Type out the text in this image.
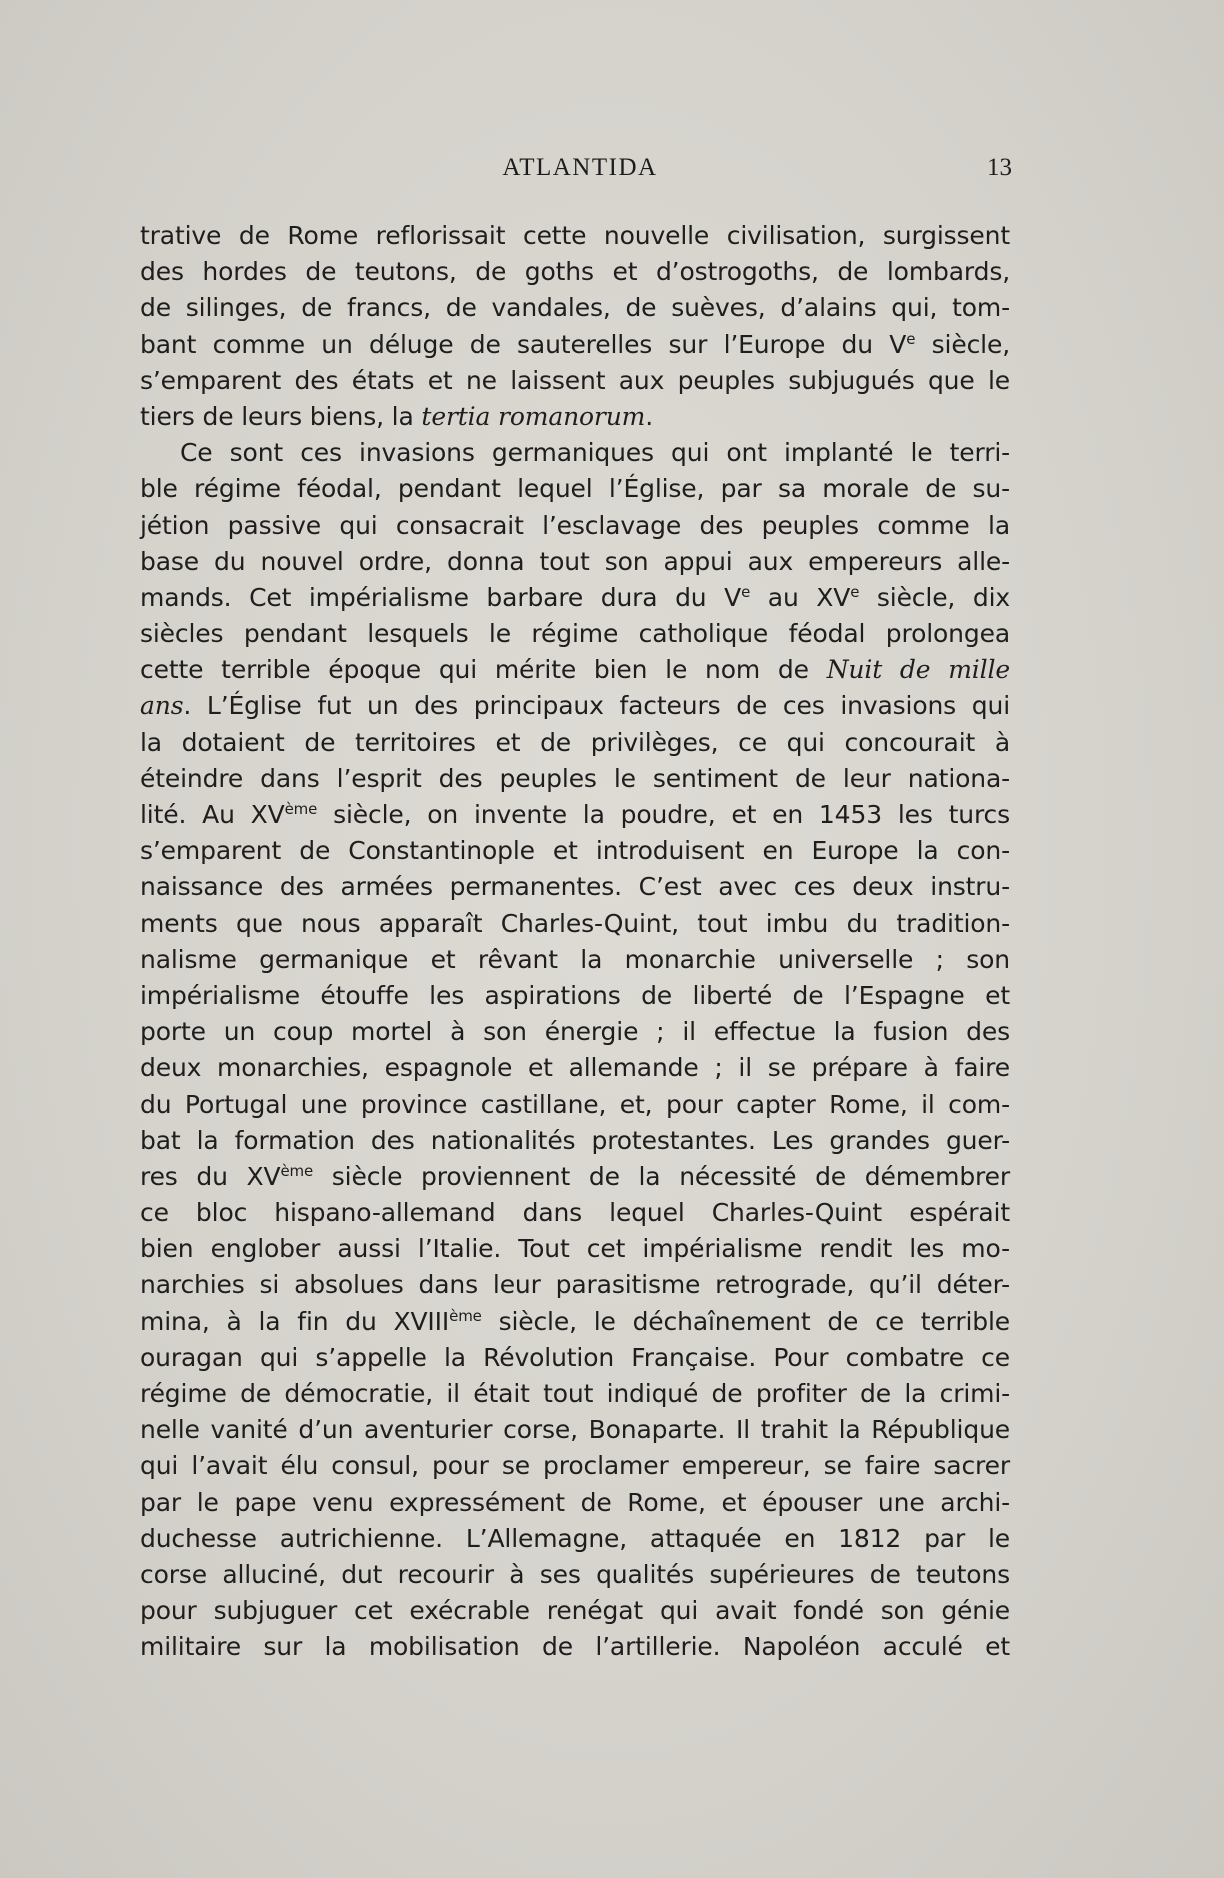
ATLANTIDA	13
trative de Rome reflorissait cette nouvelle civilisation, surgissent
des hordes de teutons, de goths et d’ostrogoths, de lombards,
de silinges, de francs, de vandales, de suèves, d’alains qui, tom-
bant comme un déluge de sauterelles sur l’Europe du Ve siècle,
s’emparent des états et ne laissent aux peuples subjugués que le
tiers de leurs biens, la tertia romanorum.
Ce sont ces invasions germaniques qui ont implanté le terri-
ble régime féodal, pendant lequel l’Église, par sa morale de su-
jétion passive qui consacrait l’esclavage des peuples comme la
base du nouvel ordre, donna tout son appui aux empereurs alle-
mands. Cet impérialisme barbare dura du Ve au XVe siècle, dix
siècles pendant lesquels le régime catholique féodal prolongea
cette terrible époque qui mérite bien le nom de Nuit de mille
ans. L’Église fut un des principaux facteurs de ces invasions qui
la dotaient de territoires et de privilèges, ce qui concourait à
éteindre dans l’esprit des peuples le sentiment de leur nationa-
lité. Au XVème siècle, on invente la poudre, et en 1453 les turcs
s’emparent de Constantinople et introduisent en Europe la con-
naissance des armées permanentes. C’est avec ces deux instru-
ments que nous apparaît Charles-Quint, tout imbu du tradition-
nalisme germanique et rêvant la monarchie universelle ; son
impérialisme étouffe les aspirations de liberté de l’Espagne et
porte un coup mortel à son énergie ; il effectue la fusion des
deux monarchies, espagnole et allemande ; il se prépare à faire
du Portugal une province castillane, et, pour capter Rome, il com-
bat la formation des nationalités protestantes. Les grandes guer-
res du XVème siècle proviennent de la nécessité de démembrer
ce bloc hispano-allemand dans lequel Charles-Quint espérait
bien englober aussi l’Italie. Tout cet impérialisme rendit les mo-
narchies si absolues dans leur parasitisme retrograde, qu’il déter-
mina, à la fin du XVIIIème siècle, le déchaînement de ce terrible
ouragan qui s’appelle la Révolution Française. Pour combatre ce
régime de démocratie, il était tout indiqué de profiter de la crimi-
nelle vanité d’un aventurier corse, Bonaparte. Il trahit la République
qui l’avait élu consul, pour se proclamer empereur, se faire sacrer
par le pape venu expressément de Rome, et épouser une archi-
duchesse autrichienne. L’Allemagne, attaquée en 1812 par le
corse alluciné, dut recourir à ses qualités supérieures de teutons
pour subjuguer cet exécrable renégat qui avait fondé son génie
militaire sur la mobilisation de l’artillerie. Napoléon acculé et
